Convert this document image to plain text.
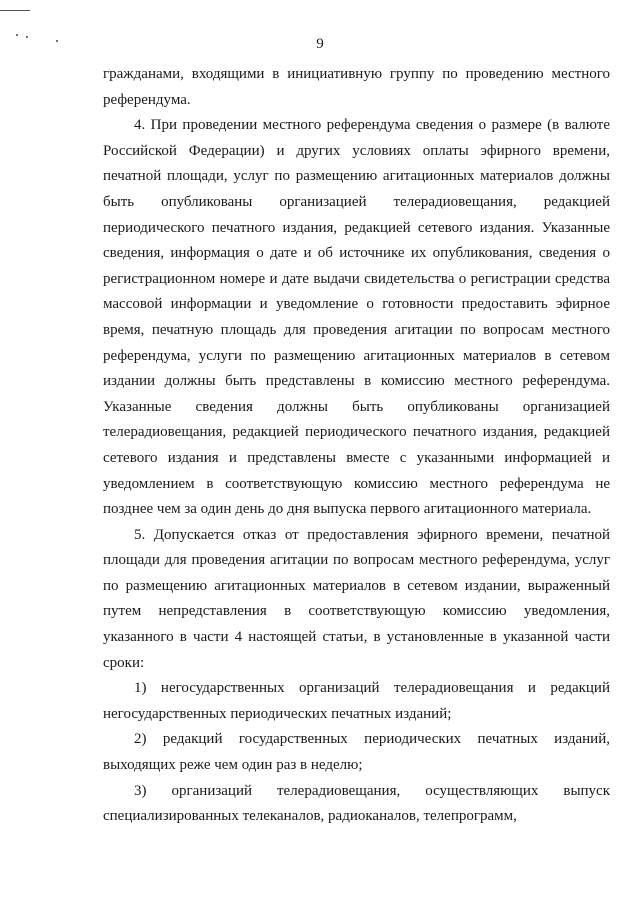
9

гражданами, входящими в инициативную группу по проведению местного референдума.

4. При проведении местного референдума сведения о размере (в валюте Российской Федерации) и других условиях оплаты эфирного времени, печатной площади, услуг по размещению агитационных материалов должны быть опубликованы организацией телерадиовещания, редакцией периодического печатного издания, редакцией сетевого издания. Указанные сведения, информация о дате и об источнике их опубликования, сведения о регистрационном номере и дате выдачи свидетельства о регистрации средства массовой информации и уведомление о готовности предоставить эфирное время, печатную площадь для проведения агитации по вопросам местного референдума, услуги по размещению агитационных материалов в сетевом издании должны быть представлены в комиссию местного референдума. Указанные сведения должны быть опубликованы организацией телерадиовещания, редакцией периодического печатного издания, редакцией сетевого издания и представлены вместе с указанными информацией и уведомлением в соответствующую комиссию местного референдума не позднее чем за один день до дня выпуска первого агитационного материала.

5. Допускается отказ от предоставления эфирного времени, печатной площади для проведения агитации по вопросам местного референдума, услуг по размещению агитационных материалов в сетевом издании, выраженный путем непредставления в соответствующую комиссию уведомления, указанного в части 4 настоящей статьи, в установленные в указанной части сроки:

1) негосударственных организаций телерадиовещания и редакций негосударственных периодических печатных изданий;

2) редакций государственных периодических печатных изданий, выходящих реже чем один раз в неделю;

3) организаций телерадиовещания, осуществляющих выпуск специализированных телеканалов, радиоканалов, телепрограмм,
